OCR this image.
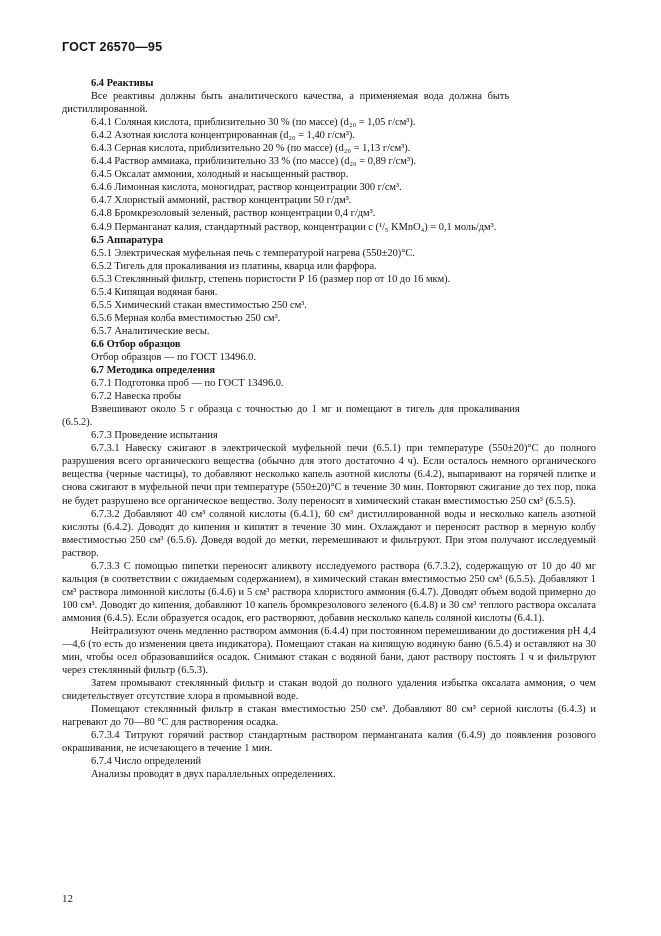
ГОСТ 26570—95
6.4 Реактивы
Все реактивы должны быть аналитического качества, а применяемая вода должна быть
дистиллированной.
6.4.1 Соляная кислота, приблизительно 30 % (по массе) (d₂₀ = 1,05 г/см³).
6.4.2 Азотная кислота концентрированная (d₂₀ = 1,40 г/см³).
6.4.3 Серная кислота, приблизительно 20 % (по массе) (d₂₀ = 1,13 г/см³).
6.4.4 Раствор аммиака, приблизительно 33 % (по массе) (d₂₀ = 0,89 г/см³).
6.4.5 Оксалат аммония, холодный и насыщенный раствор.
6.4.6 Лимонная кислота, моногидрат, раствор концентрации 300 г/см³.
6.4.7 Хлористый аммоний, раствор концентрации 50 г/дм³.
6.4.8 Бромкрезоловый зеленый, раствор концентрации 0,4 г/дм³.
6.4.9 Перманганат калия, стандартный раствор, концентрации с (¹/₅ KMnO₄) = 0,1 моль/дм³.
6.5 Аппаратура
6.5.1 Электрическая муфельная печь с температурой нагрева (550±20)°С.
6.5.2 Тигель для прокаливания из платины, кварца или фарфора.
6.5.3 Стеклянный фильтр, степень пористости Р 16 (размер пор от 10 до 16 мкм).
6.5.4 Кипящая водяная баня.
6.5.5 Химический стакан вместимостью 250 см³.
6.5.6 Мерная колба вместимостью 250 см³.
6.5.7 Аналитические весы.
6.6 Отбор образцов
Отбор образцов — по ГОСТ 13496.0.
6.7 Методика определения
6.7.1 Подготовка проб — по ГОСТ 13496.0.
6.7.2 Навеска пробы
Взвешивают около 5 г образца с точностью до 1 мг и помещают в тигель для прокаливания
(6.5.2).
6.7.3 Проведение испытания
6.7.3.1 Навеску сжигают в электрической муфельной печи (6.5.1) при температуре (550±20)°С до полного разрушения всего органического вещества (обычно для этого достаточно 4 ч). Если осталось немного органического вещества (черные частицы), то добавляют несколько капель азотной кислоты (6.4.2), выпаривают на горячей плитке и снова сжигают в муфельной печи при температуре (550±20)°С в течение 30 мин. Повторяют сжигание до тех пор, пока не будет разрушено все органическое вещество. Золу переносят в химический стакан вместимостью 250 см³ (6.5.5).
6.7.3.2 Добавляют 40 см³ соляной кислоты (6.4.1), 60 см³ дистиллированной воды и несколько капель азотной кислоты (6.4.2). Доводят до кипения и кипятят в течение 30 мин. Охлаждают и переносят раствор в мерную колбу вместимостью 250 см³ (6.5.6). Доведя водой до метки, перемешивают и фильтруют. При этом получают исследуемый раствор.
6.7.3.3 С помощью пипетки переносят аликвоту исследуемого раствора (6.7.3.2), содержащую от 10 до 40 мг кальция (в соответствии с ожидаемым содержанием), в химический стакан вместимостью 250 см³ (6.5.5). Добавляют 1 см³ раствора лимонной кислоты (6.4.6) и 5 см³ раствора хлористого аммония (6.4.7). Доводят объем водой примерно до 100 см³. Доводят до кипения, добавляют 10 капель бромкрезолового зеленого (6.4.8) и 30 см³ теплого раствора оксалата аммония (6.4.5). Если образуется осадок, его растворяют, добавив несколько капель соляной кислоты (6.4.1).
Нейтрализуют очень медленно раствором аммония (6.4.4) при постоянном перемешивании до достижения рН 4,4—4,6 (то есть до изменения цвета индикатора). Помещают стакан на кипящую водяную баню (6.5.4) и оставляют на 30 мин, чтобы осел образовавшийся осадок. Снимают стакан с водяной бани, дают раствору постоять 1 ч и фильтруют через стеклянный фильтр (6.5.3).
Затем промывают стеклянный фильтр и стакан водой до полного удаления избытка оксалата аммония, о чем свидетельствует отсутствие хлора в промывной воде.
Помещают стеклянный фильтр в стакан вместимостью 250 см³. Добавляют 80 см³ серной кислоты (6.4.3) и нагревают до 70—80 °С для растворения осадка.
6.7.3.4 Титруют горячий раствор стандартным раствором перманганата калия (6.4.9) до появления розового окрашивания, не исчезающего в течение 1 мин.
6.7.4 Число определений
Анализы проводят в двух параллельных определениях.
12
